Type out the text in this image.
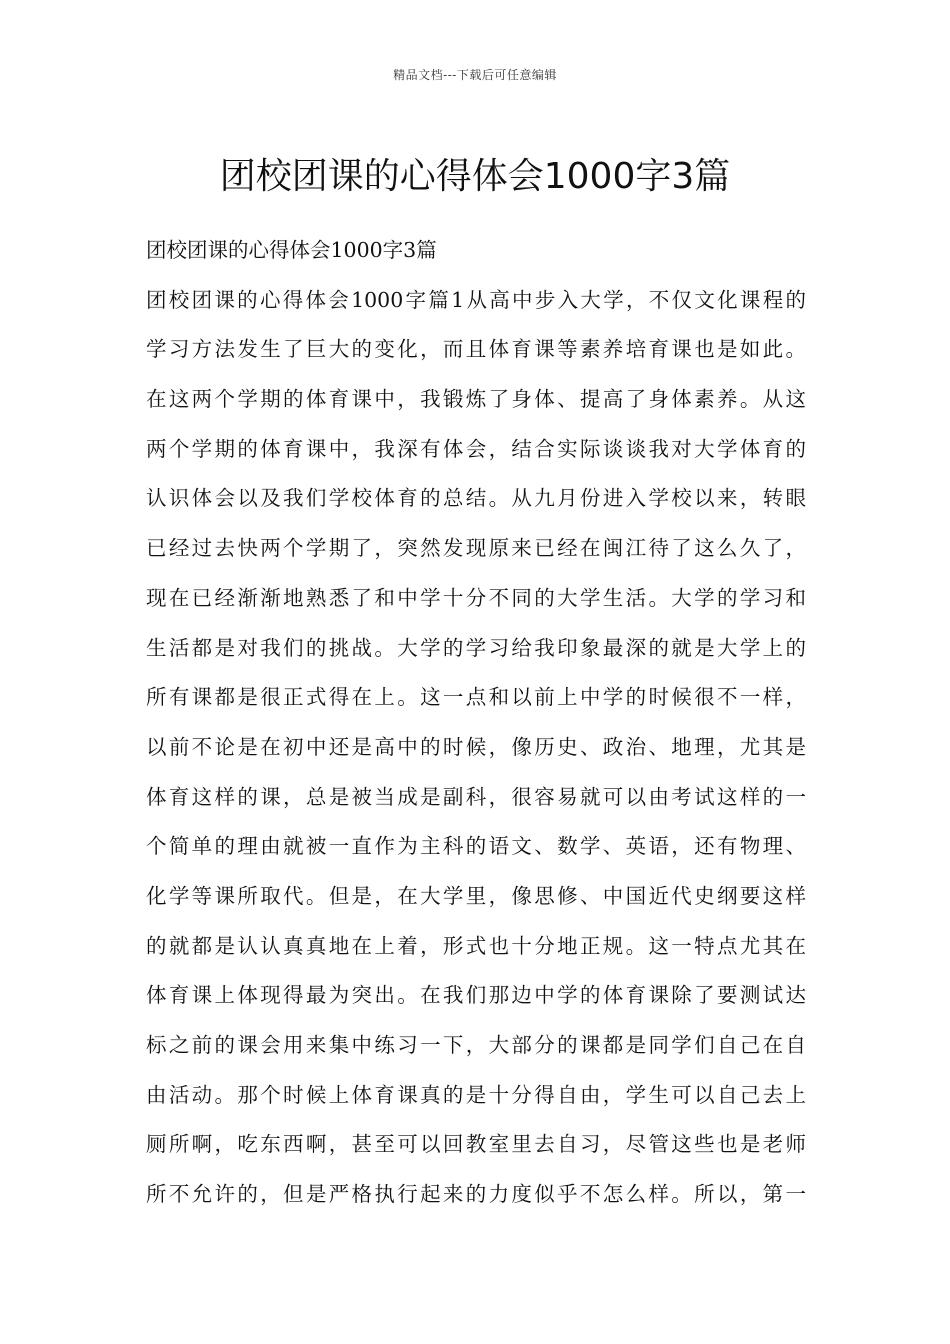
精品文档---下载后可任意编辑
团校团课的心得体会1000字3篇
团校团课的心得体会1000字3篇
团校团课的心得体会1000字篇1从高中步入大学，不仅文化课程的
学习方法发生了巨大的变化，而且体育课等素养培育课也是如此。
在这两个学期的体育课中，我锻炼了身体、提高了身体素养。从这
两个学期的体育课中，我深有体会，结合实际谈谈我对大学体育的
认识体会以及我们学校体育的总结。从九月份进入学校以来，转眼
已经过去快两个学期了，突然发现原来已经在闽江待了这么久了，
现在已经渐渐地熟悉了和中学十分不同的大学生活。大学的学习和
生活都是对我们的挑战。大学的学习给我印象最深的就是大学上的
所有课都是很正式得在上。这一点和以前上中学的时候很不一样，
以前不论是在初中还是高中的时候，像历史、政治、地理，尤其是
体育这样的课，总是被当成是副科，很容易就可以由考试这样的一
个简单的理由就被一直作为主科的语文、数学、英语，还有物理、
化学等课所取代。但是，在大学里，像思修、中国近代史纲要这样
的就都是认认真真地在上着，形式也十分地正规。这一特点尤其在
体育课上体现得最为突出。在我们那边中学的体育课除了要测试达
标之前的课会用来集中练习一下，大部分的课都是同学们自己在自
由活动。那个时候上体育课真的是十分得自由，学生可以自己去上
厕所啊，吃东西啊，甚至可以回教室里去自习，尽管这些也是老师
所不允许的，但是严格执行起来的力度似乎不怎么样。所以，第一
